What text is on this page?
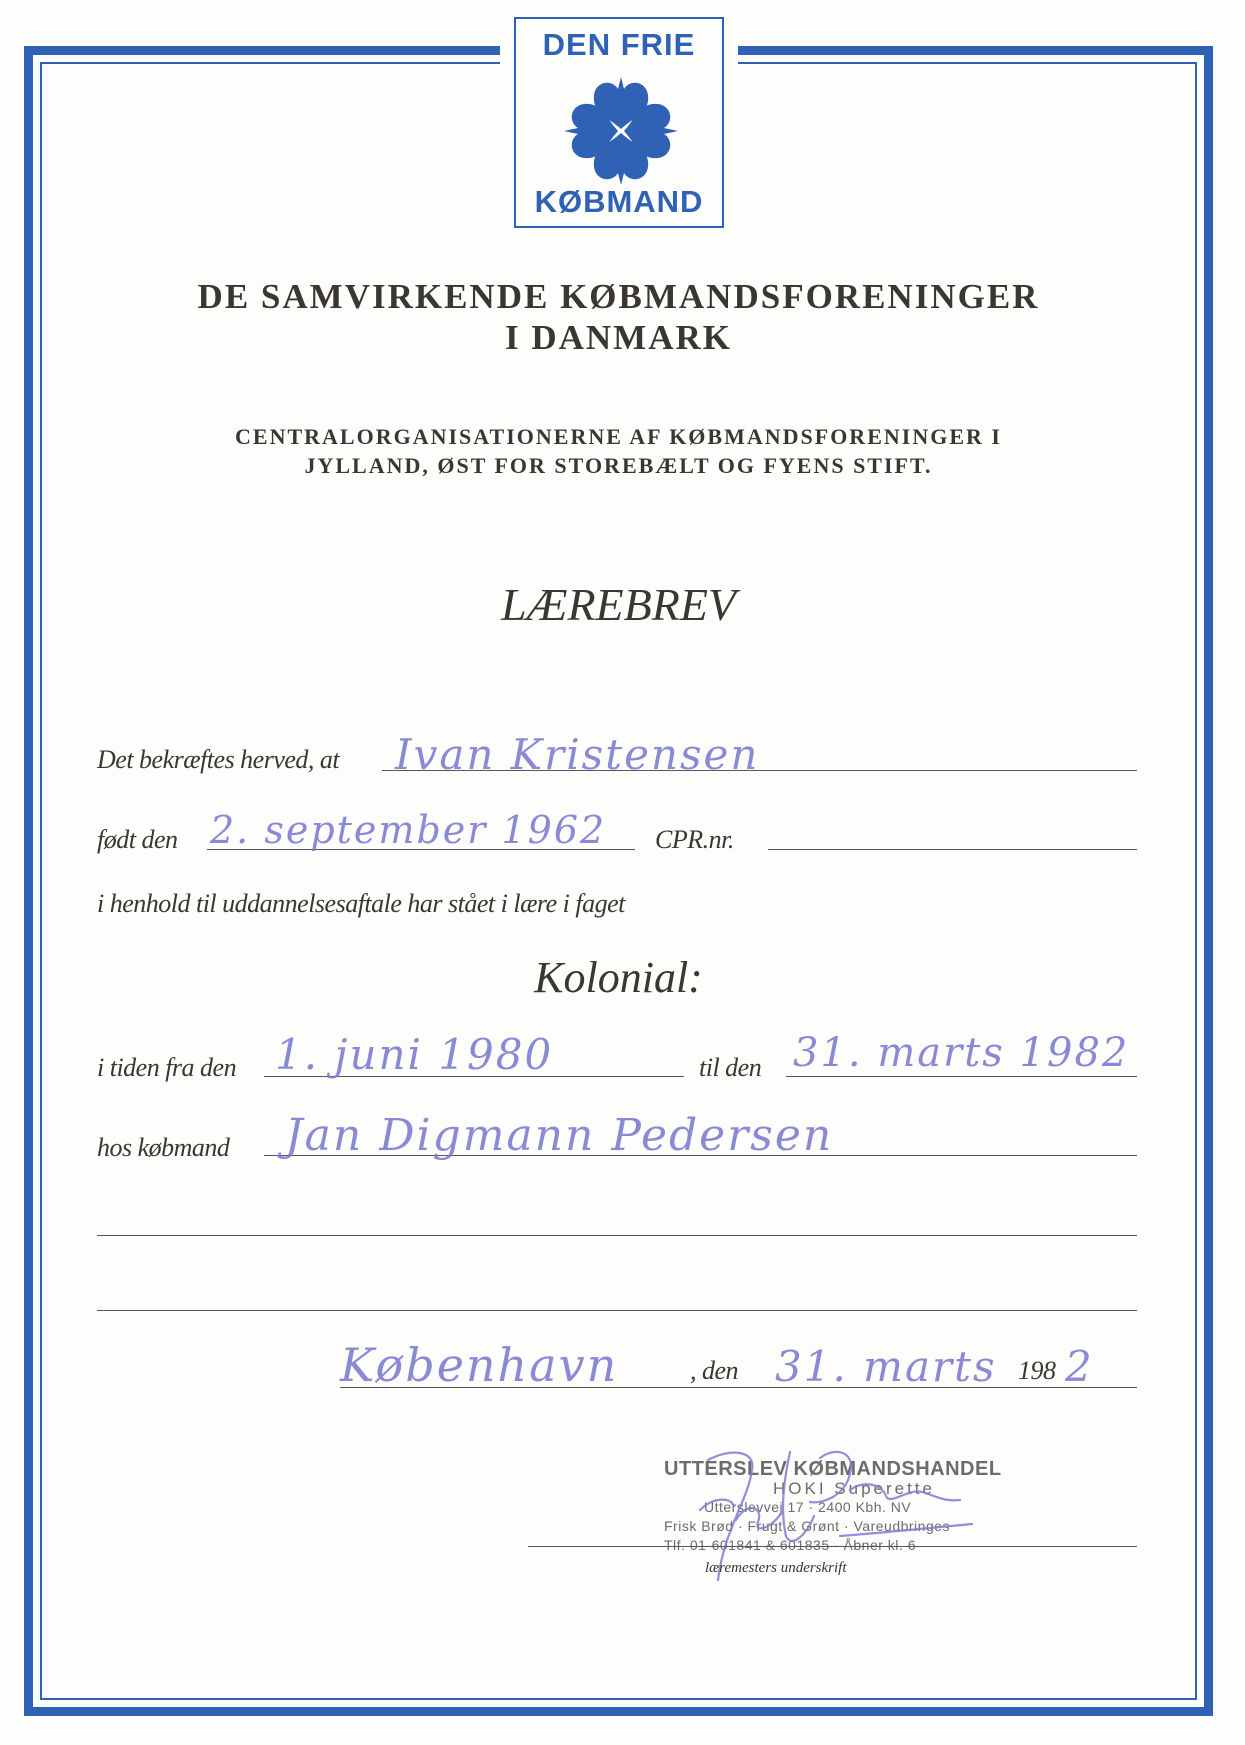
DEN FRIE
KØBMAND
DE SAMVIRKENDE KØBMANDSFORENINGER
I DANMARK
CENTRALORGANISATIONERNE AF KØBMANDSFORENINGER I
JYLLAND, ØST FOR STOREBÆLT OG FYENS STIFT.
LÆREBREV
Det bekræftes herved, at Ivan Kristensen
født den 2. september 1962 CPR.nr.
i henhold til uddannelsesaftale har stået i lære i faget
Kolonial:
i tiden fra den 1. juni 1980	til den 31. marts 1982
hos købmand Jan Digmann Pedersen
København	, den 31. marts 198 2
UTTERSLEV KØBMANDSHANDEL
HOKI Superette
Utterslevvej 17 · 2400 Kbh. NV
Frisk Brød · Frugt & Grønt · Vareudbringes
Tlf. 01-601841 & 601835 · Åbner kl. 6
læremesters underskrift
